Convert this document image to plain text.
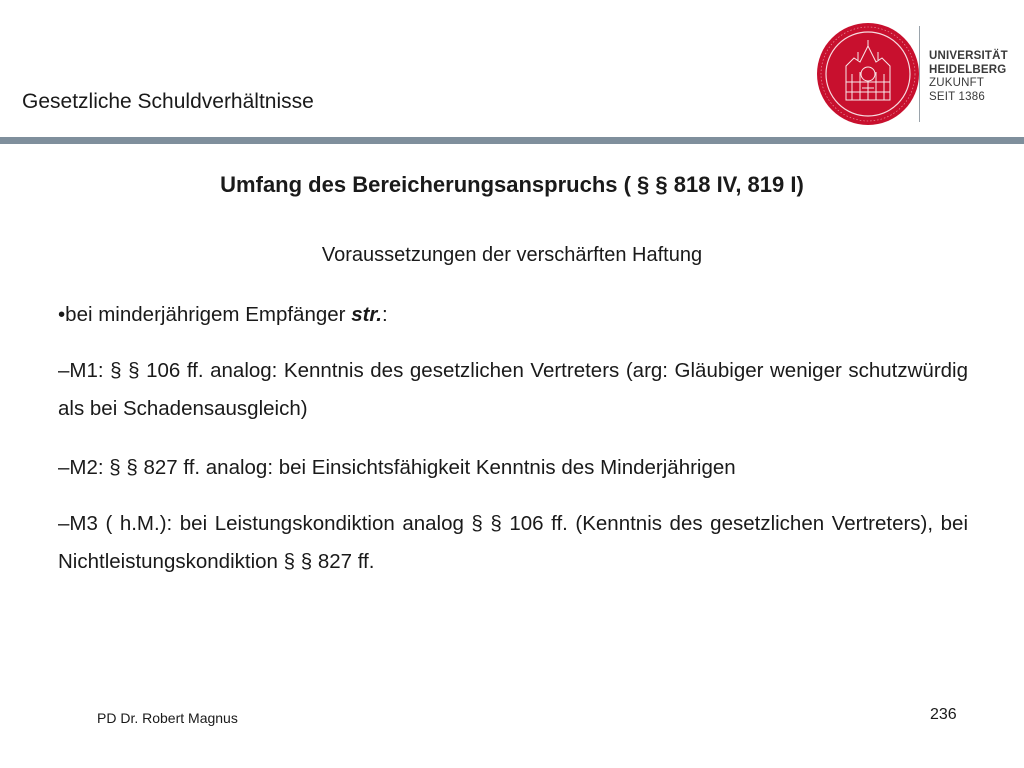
Gesetzliche Schuldverhältnisse
UNIVERSITÄT
HEIDELBERG
ZUKUNFT
SEIT 1386
Umfang des Bereicherungsanspruchs ( § § 818 IV, 819 I)
Voraussetzungen der verschärften Haftung
•bei minderjährigem Empfänger str.:
–M1: § § 106 ff. analog: Kenntnis des gesetzlichen Vertreters (arg: Gläubiger weniger schutzwürdig als bei Schadensausgleich)
–M2: § § 827 ff. analog: bei Einsichtsfähigkeit Kenntnis des Minderjährigen
–M3 ( h.M.): bei Leistungskondiktion analog § § 106 ff. (Kenntnis des gesetzlichen Vertreters), bei Nichtleistungskondiktion § § 827 ff.
PD Dr. Robert Magnus	236
